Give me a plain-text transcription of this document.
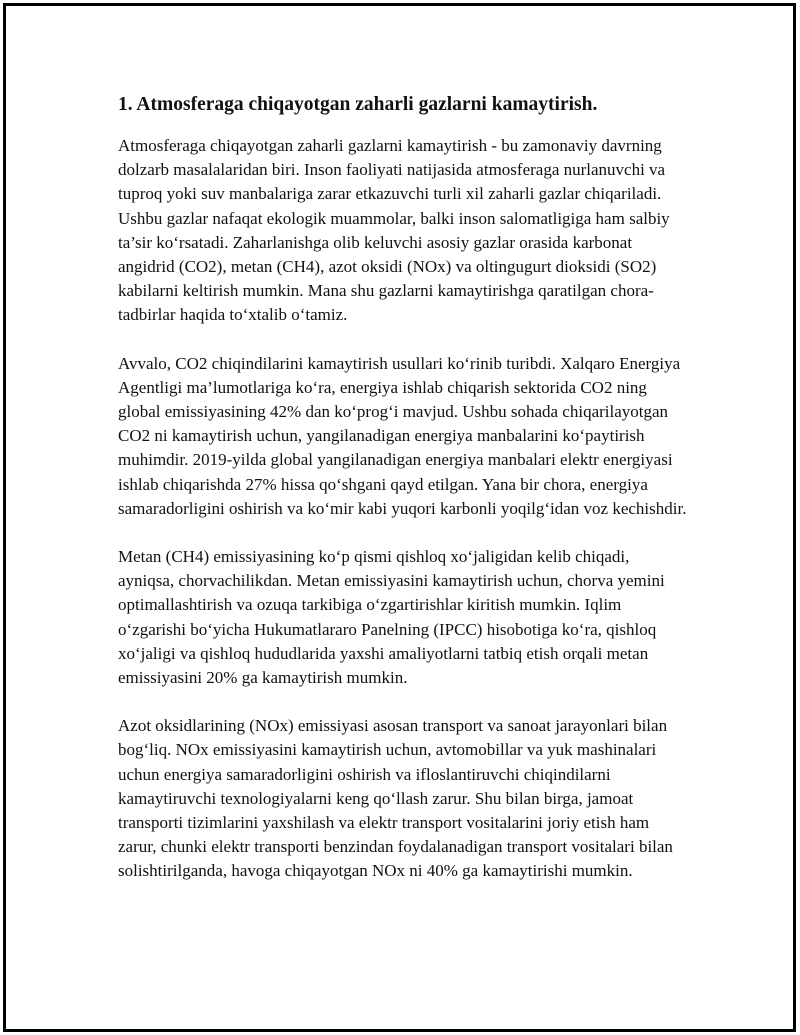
1. Atmosferaga chiqayotgan zaharli gazlarni kamaytirish.

Atmosferaga chiqayotgan zaharli gazlarni kamaytirish - bu zamonaviy davrning dolzarb masalalaridan biri. Inson faoliyati natijasida atmosferaga nurlanuvchi va tuproq yoki suv manbalariga zarar etkazuvchi turli xil zaharli gazlar chiqariladi. Ushbu gazlar nafaqat ekologik muammolar, balki inson salomatligiga ham salbiy ta’sir ko‘rsatadi. Zaharlanishga olib keluvchi asosiy gazlar orasida karbonat angidrid (CO2), metan (CH4), azot oksidi (NOx) va oltingugurt dioksidi (SO2) kabilarni keltirish mumkin. Mana shu gazlarni kamaytirishga qaratilgan chora-tadbirlar haqida to‘xtalib o‘tamiz.

Avvalo, CO2 chiqindilarini kamaytirish usullari ko‘rinib turibdi. Xalqaro Energiya Agentligi ma’lumotlariga ko‘ra, energiya ishlab chiqarish sektorida CO2 ning global emissiyasining 42% dan ko‘prog‘i mavjud. Ushbu sohada chiqarilayotgan CO2 ni kamaytirish uchun, yangilanadigan energiya manbalarini ko‘paytirish muhimdir. 2019-yilda global yangilanadigan energiya manbalari elektr energiyasi ishlab chiqarishda 27% hissa qo‘shgani qayd etilgan. Yana bir chora, energiya samaradorligini oshirish va ko‘mir kabi yuqori karbonli yoqilg‘idan voz kechishdir.

Metan (CH4) emissiyasining ko‘p qismi qishloq xo‘jaligidan kelib chiqadi, ayniqsa, chorvachilikdan. Metan emissiyasini kamaytirish uchun, chorva yemini optimallashtirish va ozuqa tarkibiga o‘zgartirishlar kiritish mumkin. Iqlim o‘zgarishi bo‘yicha Hukumatlararo Panelning (IPCC) hisobotiga ko‘ra, qishloq xo‘jaligi va qishloq hududlarida yaxshi amaliyotlarni tatbiq etish orqali metan emissiyasini 20% ga kamaytirish mumkin.

Azot oksidlarining (NOx) emissiyasi asosan transport va sanoat jarayonlari bilan bog‘liq. NOx emissiyasini kamaytirish uchun, avtomobillar va yuk mashinalari uchun energiya samaradorligini oshirish va ifloslantiruvchi chiqindilarni kamaytiruvchi texnologiyalarni keng qo‘llash zarur. Shu bilan birga, jamoat transporti tizimlarini yaxshilash va elektr transport vositalarini joriy etish ham zarur, chunki elektr transporti benzindan foydalanadigan transport vositalari bilan solishtirilganda, havoga chiqayotgan NOx ni 40% ga kamaytirishi mumkin.
